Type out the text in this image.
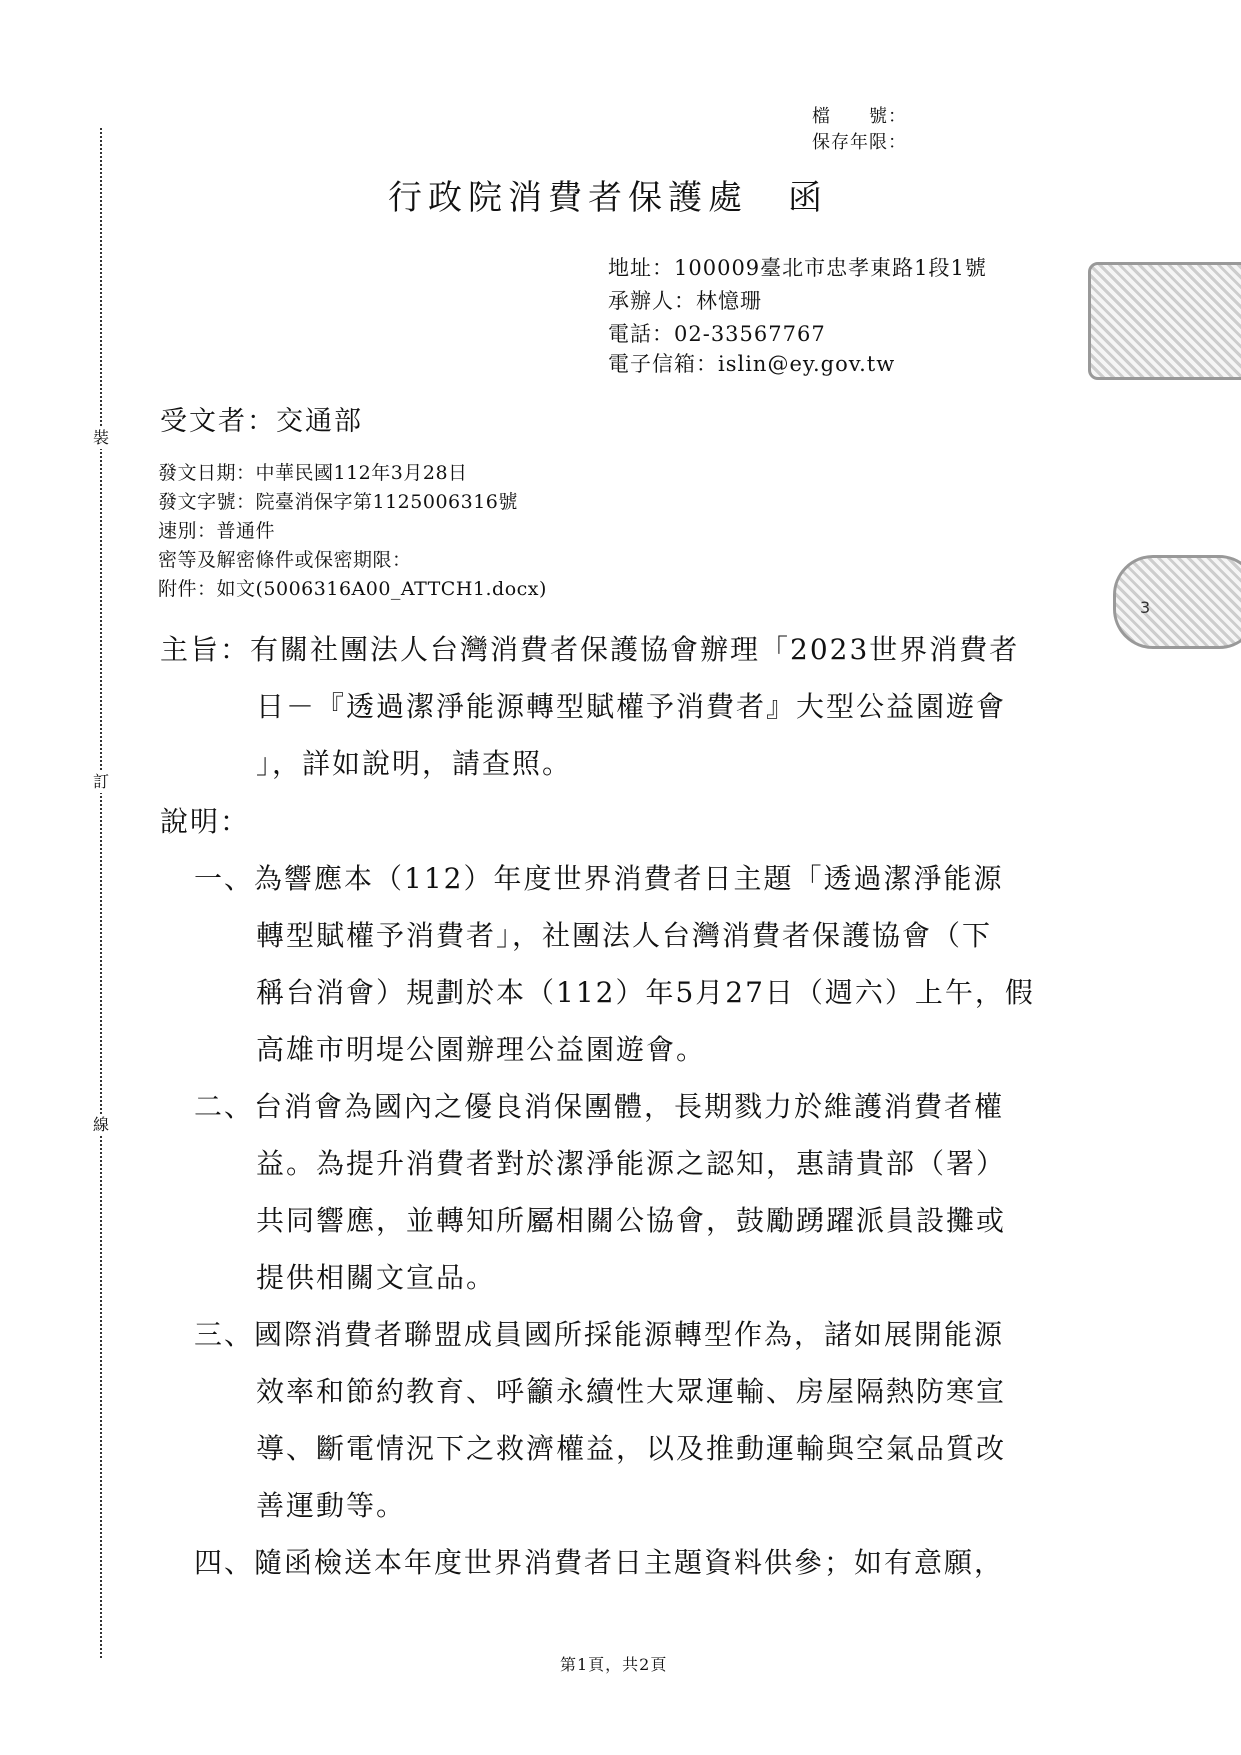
裝
訂
線
3
檔　　號：
保存年限：
行政院消費者保護處　函
地址：100009臺北市忠孝東路1段1號
承辦人：林憶珊
電話：02-33567767
電子信箱：islin@ey.gov.tw
受文者：交通部
發文日期：中華民國112年3月28日
發文字號：院臺消保字第1125006316號
速別：普通件
密等及解密條件或保密期限：
附件：如文(5006316A00_ATTCH1.docx)
主旨：有關社團法人台灣消費者保護協會辦理「2023世界消費者
日－『透過潔淨能源轉型賦權予消費者』大型公益園遊會
」，詳如說明，請查照。
說明：
一、為響應本（112）年度世界消費者日主題「透過潔淨能源
轉型賦權予消費者」，社團法人台灣消費者保護協會（下
稱台消會）規劃於本（112）年5月27日（週六）上午，假
高雄市明堤公園辦理公益園遊會。
二、台消會為國內之優良消保團體，長期戮力於維護消費者權
益。為提升消費者對於潔淨能源之認知，惠請貴部（署）
共同響應，並轉知所屬相關公協會，鼓勵踴躍派員設攤或
提供相關文宣品。
三、國際消費者聯盟成員國所採能源轉型作為，諸如展開能源
效率和節約教育、呼籲永續性大眾運輸、房屋隔熱防寒宣
導、斷電情況下之救濟權益，以及推動運輸與空氣品質改
善運動等。
四、隨函檢送本年度世界消費者日主題資料供參；如有意願，
第1頁，共2頁
